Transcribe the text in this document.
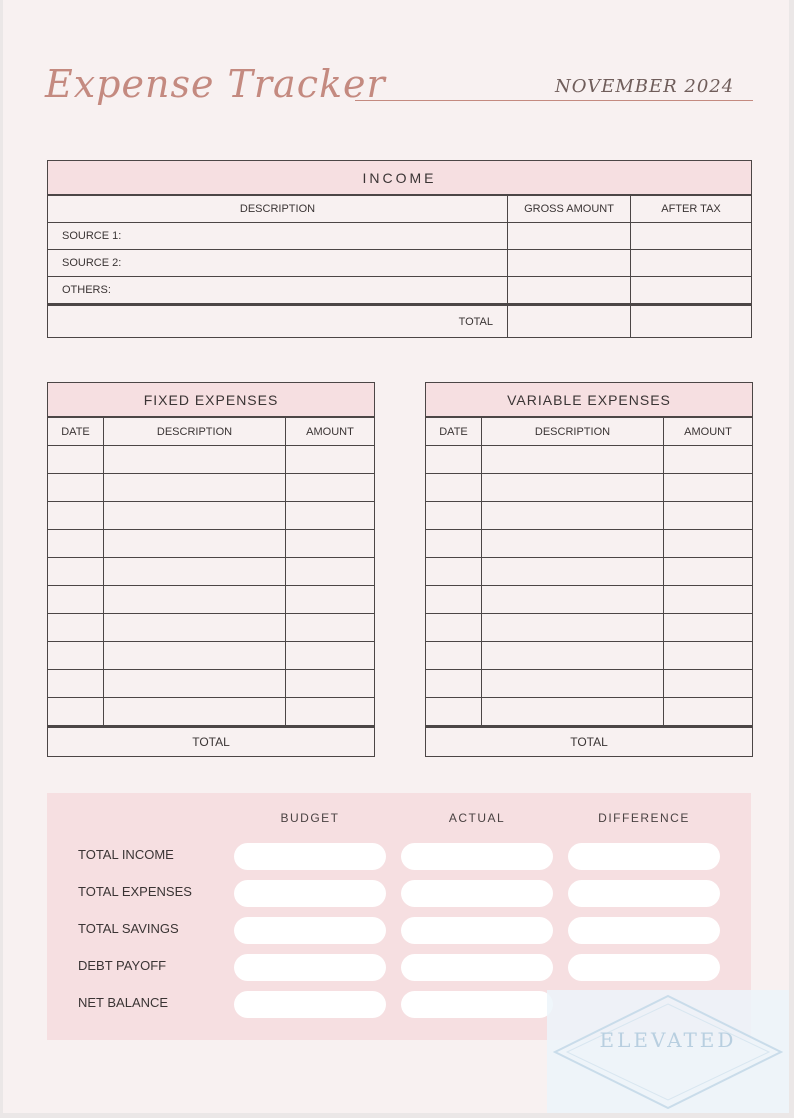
Expense Tracker	NOVEMBER 2024
INCOME		
DESCRIPTION	GROSS AMOUNT	AFTER TAX
SOURCE 1:		
SOURCE 2:		
OTHERS:		
TOTAL		
FIXED EXPENSES		
DATE	DESCRIPTION	AMOUNT

TOTAL		
VARIABLE EXPENSES		
DATE	DESCRIPTION	AMOUNT

TOTAL		
BUDGET	ACTUAL	DIFFERENCE
TOTAL INCOME
TOTAL EXPENSES
TOTAL SAVINGS
DEBT PAYOFF
NET BALANCE
ELEVATED
